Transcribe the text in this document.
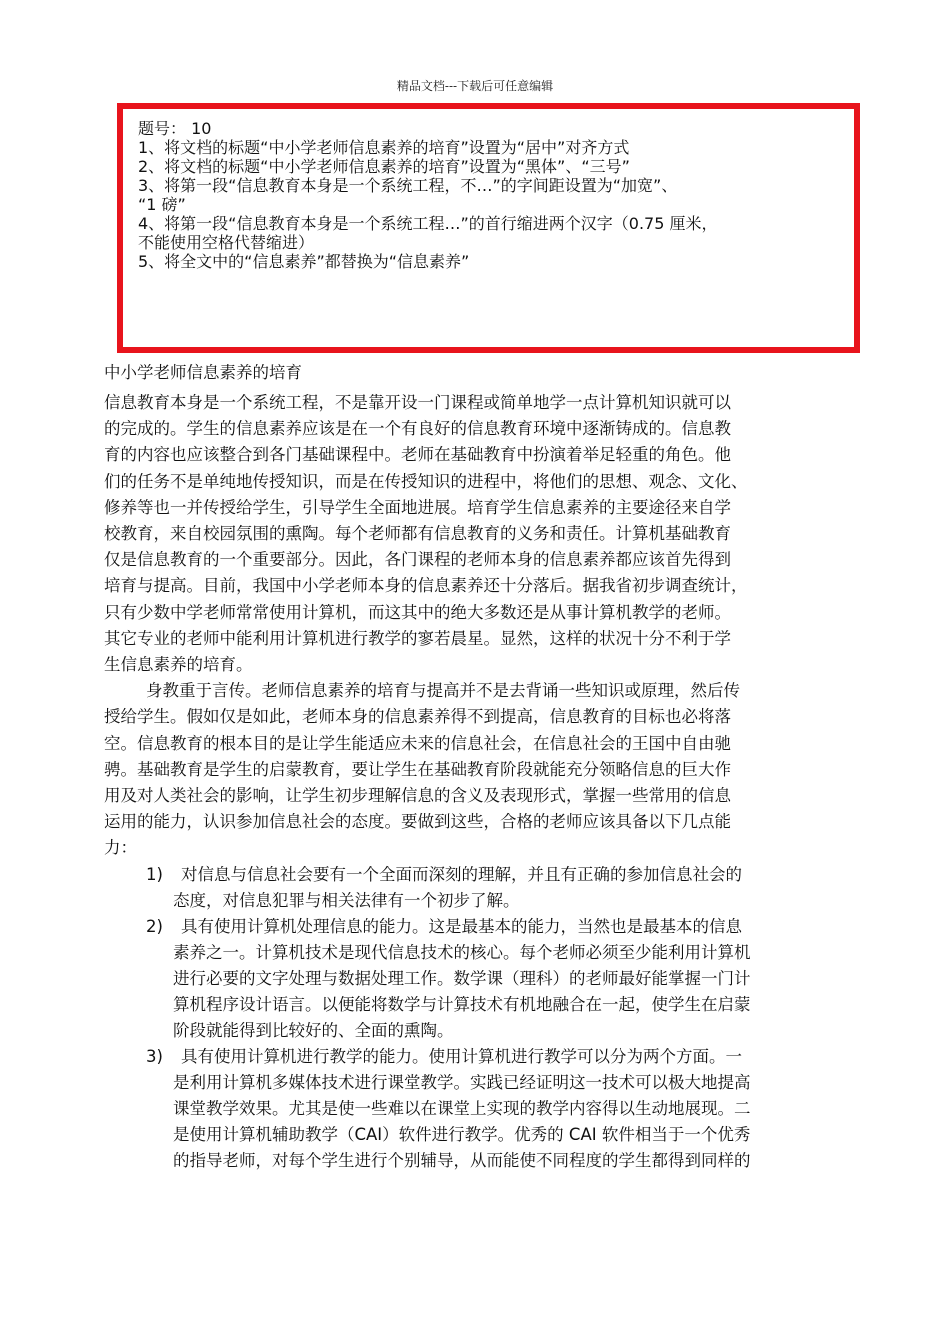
精品文档---下载后可任意编辑
题号： 10
1、将文档的标题“中小学老师信息素养的培育”设置为“居中”对齐方式
2、将文档的标题“中小学老师信息素养的培育”设置为“黑体”、“三号”
3、将第一段“信息教育本身是一个系统工程，不…”的字间距设置为“加宽”、
“1 磅”
4、将第一段“信息教育本身是一个系统工程…”的首行缩进两个汉字（0.75 厘米，
不能使用空格代替缩进）
5、将全文中的“信息素养”都替换为“信息素养”
中小学老师信息素养的培育
信息教育本身是一个系统工程，不是靠开设一门课程或简单地学一点计算机知识就可以
的完成的。学生的信息素养应该是在一个有良好的信息教育环境中逐渐铸成的。信息教
育的内容也应该整合到各门基础课程中。老师在基础教育中扮演着举足轻重的角色。他
们的任务不是单纯地传授知识，而是在传授知识的进程中，将他们的思想、观念、文化、
修养等也一并传授给学生，引导学生全面地进展。培育学生信息素养的主要途径来自学
校教育，来自校园氛围的熏陶。每个老师都有信息教育的义务和责任。计算机基础教育
仅是信息教育的一个重要部分。因此，各门课程的老师本身的信息素养都应该首先得到
培育与提高。目前，我国中小学老师本身的信息素养还十分落后。据我省初步调查统计，
只有少数中学老师常常使用计算机，而这其中的绝大多数还是从事计算机教学的老师。
其它专业的老师中能利用计算机进行教学的寥若晨星。显然，这样的状况十分不利于学
生信息素养的培育。
身教重于言传。老师信息素养的培育与提高并不是去背诵一些知识或原理，然后传
授给学生。假如仅是如此，老师本身的信息素养得不到提高，信息教育的目标也必将落
空。信息教育的根本目的是让学生能适应未来的信息社会，在信息社会的王国中自由驰
骋。基础教育是学生的启蒙教育，要让学生在基础教育阶段就能充分领略信息的巨大作
用及对人类社会的影响，让学生初步理解信息的含义及表现形式，掌握一些常用的信息
运用的能力，认识参加信息社会的态度。要做到这些，合格的老师应该具备以下几点能
力：
1)	对信息与信息社会要有一个全面而深刻的理解，并且有正确的参加信息社会的
态度，对信息犯罪与相关法律有一个初步了解。
2)	具有使用计算机处理信息的能力。这是最基本的能力，当然也是最基本的信息
素养之一。计算机技术是现代信息技术的核心。每个老师必须至少能利用计算机
进行必要的文字处理与数据处理工作。数学课（理科）的老师最好能掌握一门计
算机程序设计语言。以便能将数学与计算技术有机地融合在一起，使学生在启蒙
阶段就能得到比较好的、全面的熏陶。
3)	具有使用计算机进行教学的能力。使用计算机进行教学可以分为两个方面。一
是利用计算机多媒体技术进行课堂教学。实践已经证明这一技术可以极大地提高
课堂教学效果。尤其是使一些难以在课堂上实现的教学内容得以生动地展现。二
是使用计算机辅助教学（CAI）软件进行教学。优秀的 CAI 软件相当于一个优秀
的指导老师，对每个学生进行个别辅导，从而能使不同程度的学生都得到同样的
